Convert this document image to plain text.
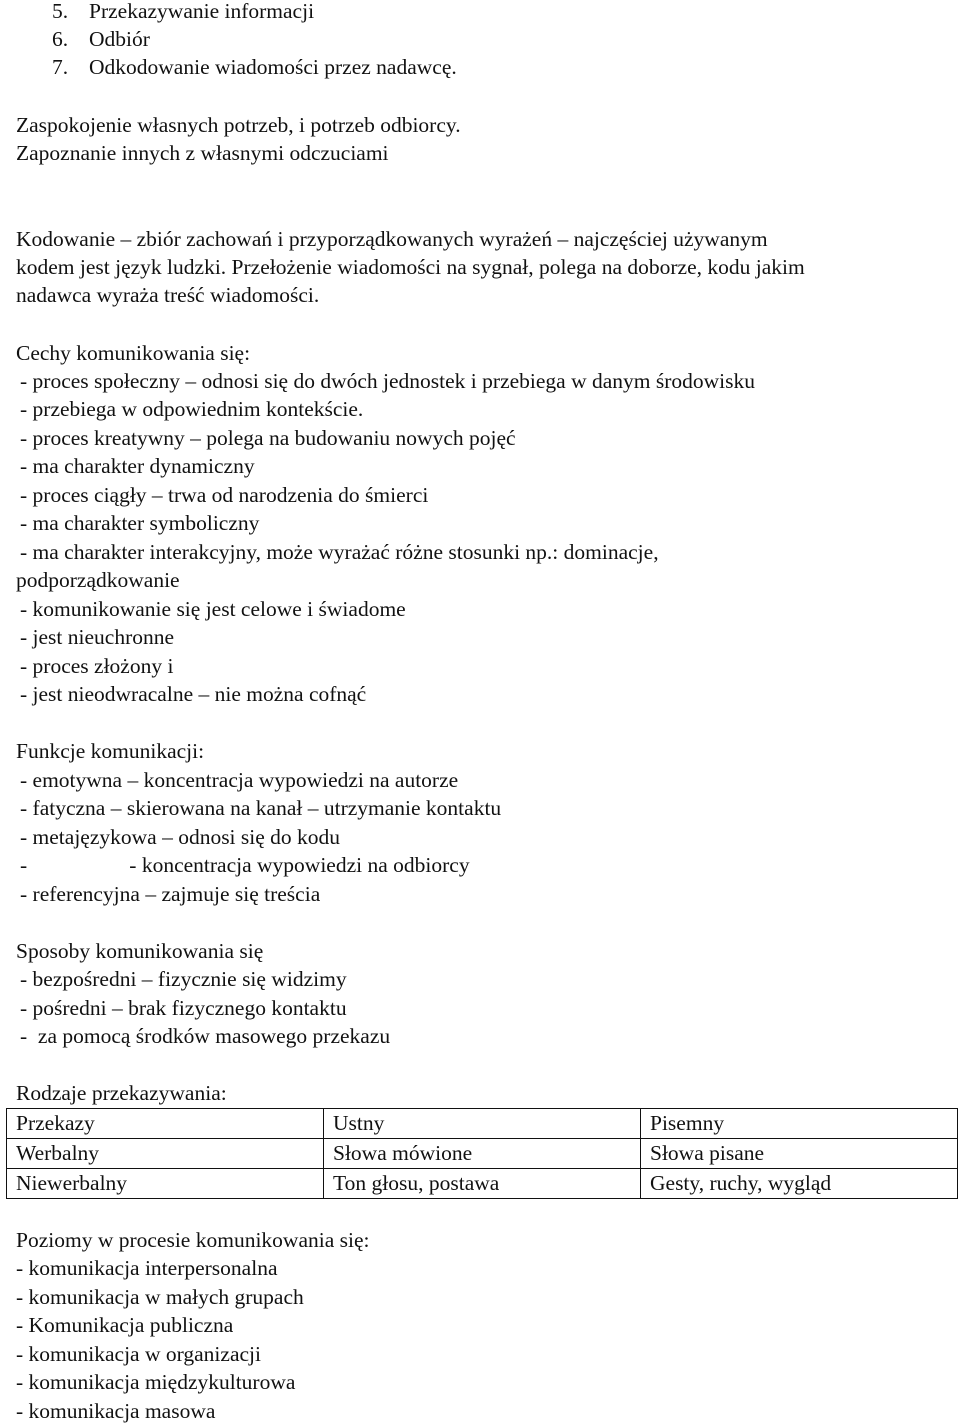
5. Przekazywanie informacji
6. Odbiór
7. Odkodowanie wiadomości przez nadawcę.
Zaspokojenie własnych potrzeb, i potrzeb odbiorcy.
Zapoznanie innych z własnymi odczuciami
Kodowanie – zbiór zachowań i przyporządkowanych wyrażeń – najczęściej używanym
kodem jest język ludzki. Przełożenie wiadomości na sygnał, polega na doborze, kodu jakim
nadawca wyraża treść wiadomości.
Cechy komunikowania się:
- proces społeczny – odnosi się do dwóch jednostek i przebiega w danym środowisku
- przebiega w odpowiednim kontekście.
- proces kreatywny – polega na budowaniu nowych pojęć
- ma charakter dynamiczny
- proces ciągły – trwa od narodzenia do śmierci
- ma charakter symboliczny
- ma charakter interakcyjny, może wyrażać różne stosunki np.: dominacje,
podporządkowanie
- komunikowanie się jest celowe i świadome
- jest nieuchronne
- proces złożony i
- jest nieodwracalne – nie można cofnąć
Funkcje komunikacji:
- emotywna – koncentracja wypowiedzi na autorze
- fatyczna – skierowana na kanał – utrzymanie kontaktu
- metajęzykowa – odnosi się do kodu
-                   - koncentracja wypowiedzi na odbiorcy
- referencyjna – zajmuje się treścia
Sposoby komunikowania się
- bezpośredni – fizycznie się widzimy
- pośredni – brak fizycznego kontaktu
-  za pomocą środków masowego przekazu
Rodzaje przekazywania:
Przekazy	Ustny	Pisemny
Werbalny	Słowa mówione	Słowa pisane
Niewerbalny	Ton głosu, postawa	Gesty, ruchy, wygląd
Poziomy w procesie komunikowania się:
- komunikacja interpersonalna
- komunikacja w małych grupach
- Komunikacja publiczna
- komunikacja w organizacji
- komunikacja międzykulturowa
- komunikacja masowa
